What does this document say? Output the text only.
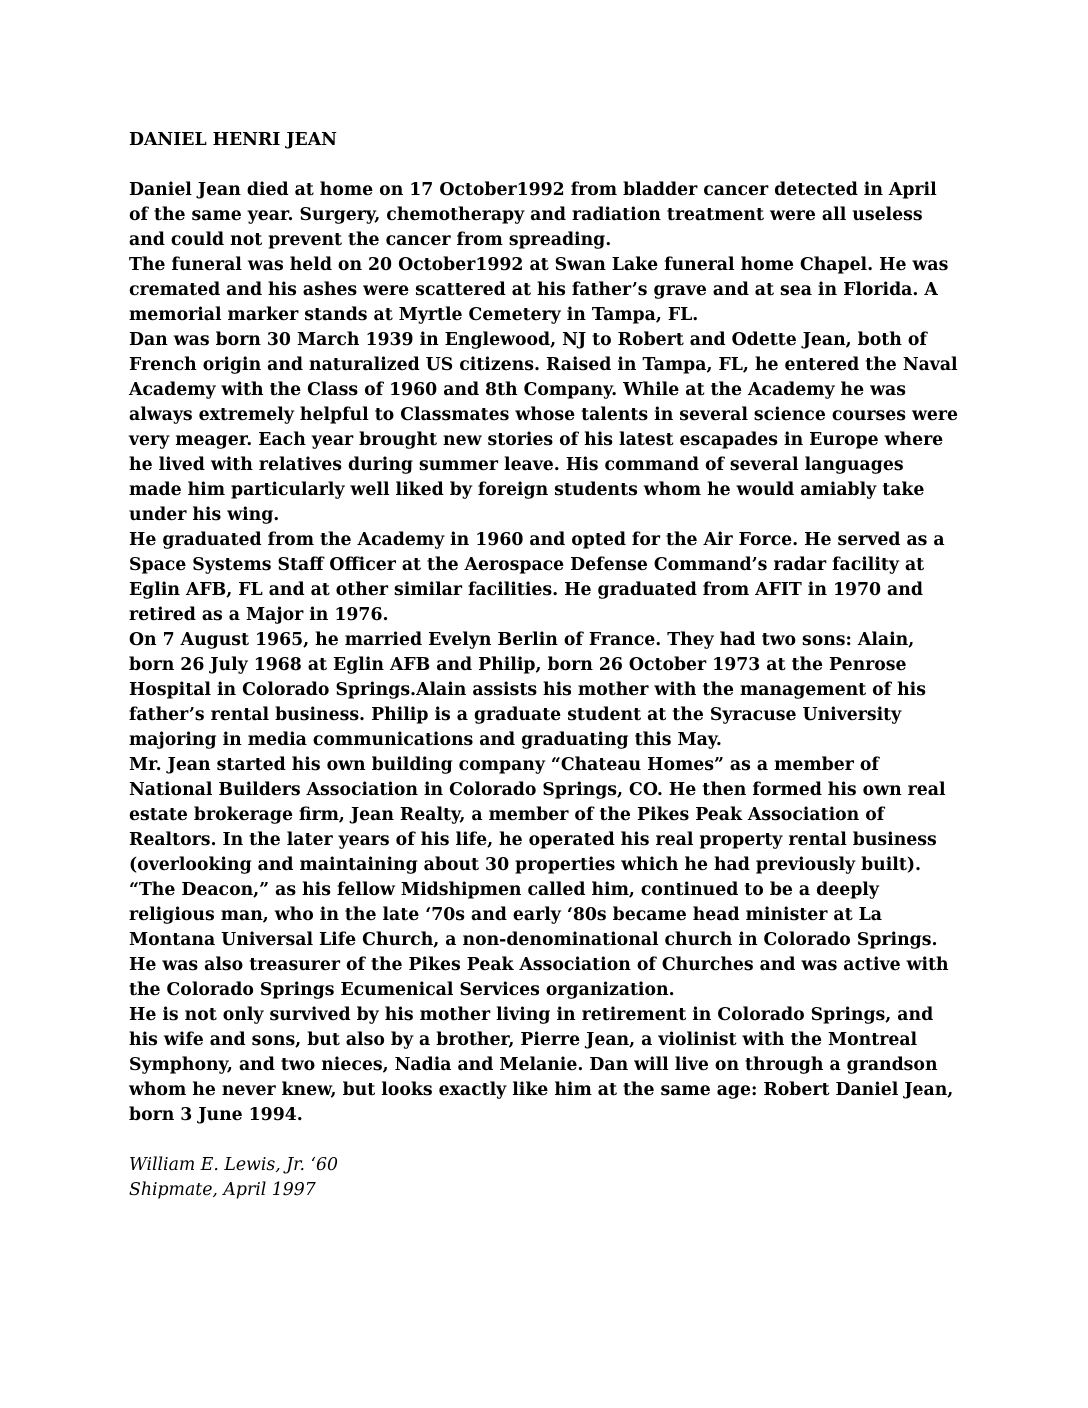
DANIEL HENRI JEAN

Daniel Jean died at home on 17 October1992 from bladder cancer detected in April of the same year. Surgery, chemotherapy and radiation treatment were all useless and could not prevent the cancer from spreading.

The funeral was held on 20 October1992 at Swan Lake funeral home Chapel. He was cremated and his ashes were scattered at his father’s grave and at sea in Florida. A memorial marker stands at Myrtle Cemetery in Tampa, FL.

Dan was born 30 March 1939 in Englewood, NJ to Robert and Odette Jean, both of French origin and naturalized US citizens. Raised in Tampa, FL, he entered the Naval Academy with the Class of 1960 and 8th Company. While at the Academy he was always extremely helpful to Classmates whose talents in several science courses were very meager. Each year brought new stories of his latest escapades in Europe where he lived with relatives during summer leave. His command of several languages made him particularly well liked by foreign students whom he would amiably take under his wing.

He graduated from the Academy in 1960 and opted for the Air Force. He served as a Space Systems Staff Officer at the Aerospace Defense Command’s radar facility at Eglin AFB, FL and at other similar facilities. He graduated from AFIT in 1970 and retired as a Major in 1976.

On 7 August 1965, he married Evelyn Berlin of France. They had two sons: Alain, born 26 July 1968 at Eglin AFB and Philip, born 26 October 1973 at the Penrose Hospital in Colorado Springs.Alain assists his mother with the management of his father’s rental business. Philip is a graduate student at the Syracuse University majoring in media communications and graduating this May.

Mr. Jean started his own building company “Chateau Homes” as a member of National Builders Association in Colorado Springs, CO. He then formed his own real estate brokerage firm, Jean Realty, a member of the Pikes Peak Association of Realtors. In the later years of his life, he operated his real property rental business (overlooking and maintaining about 30 properties which he had previously built).

“The Deacon,” as his fellow Midshipmen called him, continued to be a deeply religious man, who in the late ‘70s and early ‘80s became head minister at La Montana Universal Life Church, a non-denominational church in Colorado Springs. He was also treasurer of the Pikes Peak Association of Churches and was active with the Colorado Springs Ecumenical Services organization.

He is not only survived by his mother living in retirement in Colorado Springs, and his wife and sons, but also by a brother, Pierre Jean, a violinist with the Montreal Symphony, and two nieces, Nadia and Melanie. Dan will live on through a grandson whom he never knew, but looks exactly like him at the same age: Robert Daniel Jean, born 3 June 1994.

William E. Lewis, Jr. ‘60
Shipmate, April 1997
